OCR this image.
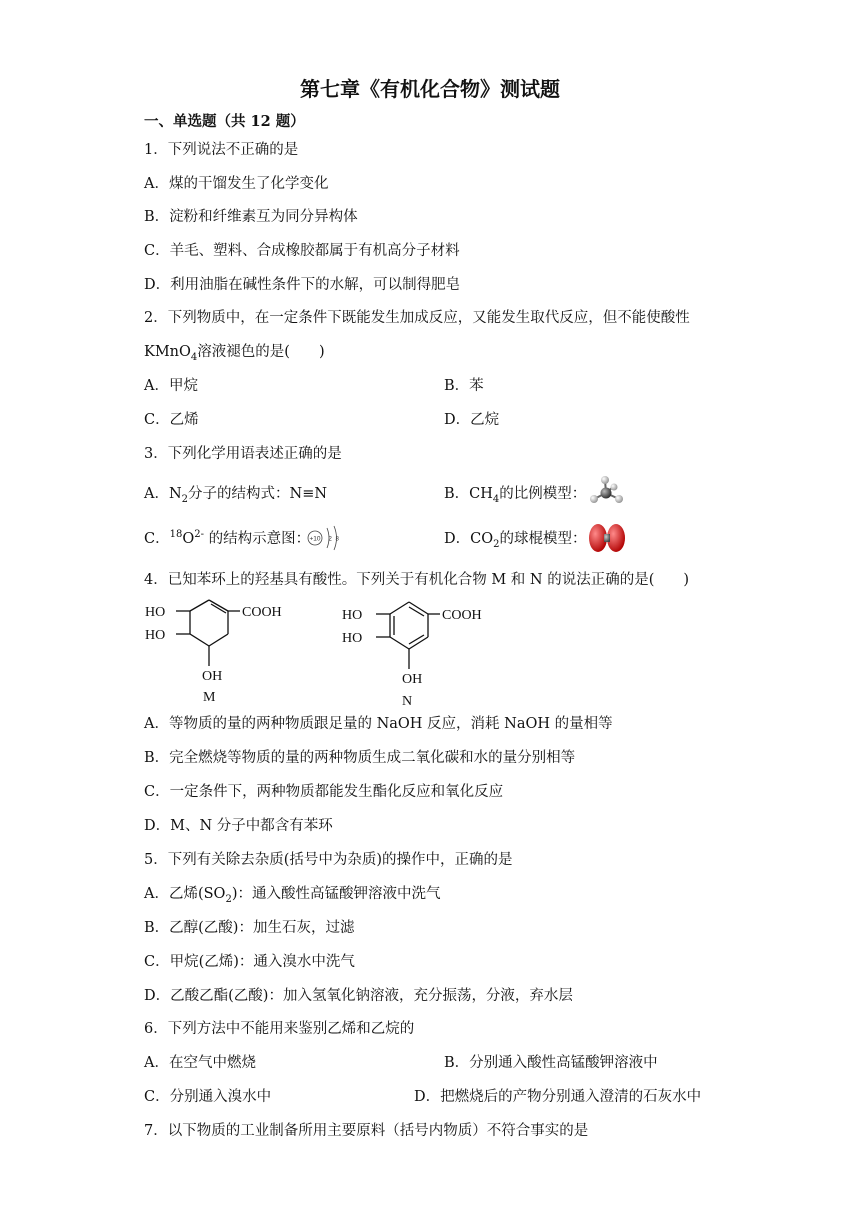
第七章《有机化合物》测试题
一、单选题（共 12 题）
1．下列说法不正确的是
A．煤的干馏发生了化学变化
B．淀粉和纤维素互为同分异构体
C．羊毛、塑料、合成橡胶都属于有机高分子材料
D．利用油脂在碱性条件下的水解，可以制得肥皂
2．下列物质中，在一定条件下既能发生加成反应，又能发生取代反应，但不能使酸性
KMnO$_4$溶液褪色的是(　　)
A．甲烷	B．苯
C．乙烯	D．乙烷
3．下列化学用语表述正确的是
A．$N_2$分子的结构式：N≡N	B．$CH_4$的比例模型：
C．$^{18}O^{2-}$ 的结构示意图： +10 2 8	D．$CO_2$的球棍模型：
4．已知苯环上的羟基具有酸性。下列关于有机化合物 M 和 N 的说法正确的是(　　)
HO
HO
COOH
OH
M
HO
HO
COOH
OH
N
A．等物质的量的两种物质跟足量的 NaOH 反应，消耗 NaOH 的量相等
B．完全燃烧等物质的量的两种物质生成二氧化碳和水的量分别相等
C．一定条件下，两种物质都能发生酯化反应和氧化反应
D．M、N 分子中都含有苯环
5．下列有关除去杂质(括号中为杂质)的操作中，正确的是
A．乙烯$(SO_2)$：通入酸性高锰酸钾溶液中洗气
B．乙醇(乙酸)：加生石灰，过滤
C．甲烷(乙烯)：通入溴水中洗气
D．乙酸乙酯(乙酸)：加入氢氧化钠溶液，充分振荡，分液，弃水层
6．下列方法中不能用来鉴别乙烯和乙烷的
A．在空气中燃烧	B．分别通入酸性高锰酸钾溶液中
C．分别通入溴水中	D．把燃烧后的产物分别通入澄清的石灰水中
7．以下物质的工业制备所用主要原料（括号内物质）不符合事实的是
